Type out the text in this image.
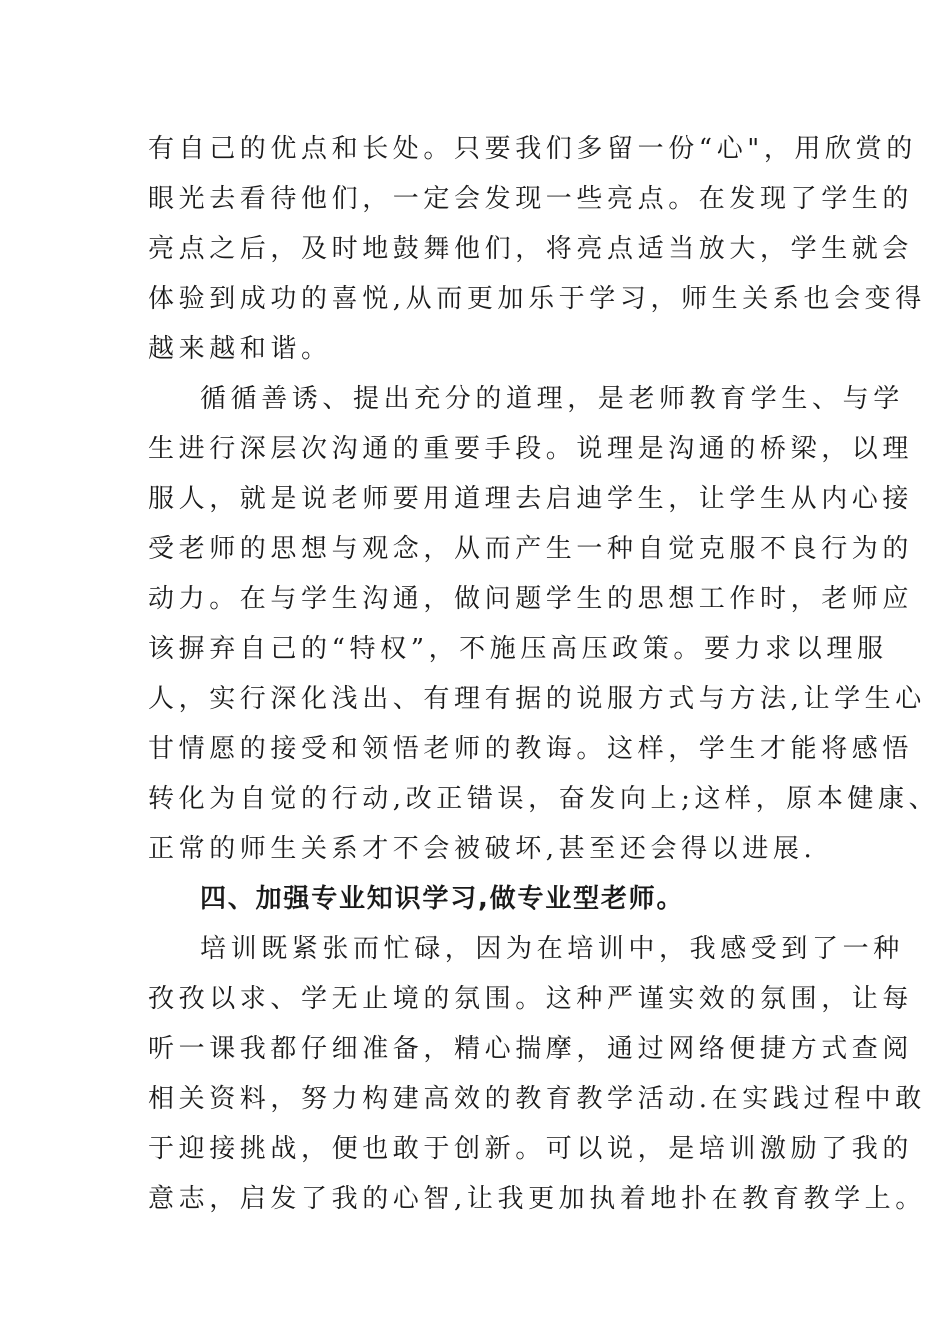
有自己的优点和长处。只要我们多留一份“心"，用欣赏的
眼光去看待他们，一定会发现一些亮点。在发现了学生的
亮点之后，及时地鼓舞他们，将亮点适当放大，学生就会
体验到成功的喜悦,从而更加乐于学习，师生关系也会变得
越来越和谐。
循循善诱、提出充分的道理，是老师教育学生、与学
生进行深层次沟通的重要手段。说理是沟通的桥梁，以理
服人，就是说老师要用道理去启迪学生，让学生从内心接
受老师的思想与观念，从而产生一种自觉克服不良行为的
动力。在与学生沟通，做问题学生的思想工作时，老师应
该摒弃自己的“特权”，不施压高压政策。要力求以理服
人，实行深化浅出、有理有据的说服方式与方法,让学生心
甘情愿的接受和领悟老师的教诲。这样，学生才能将感悟
转化为自觉的行动,改正错误，奋发向上;这样，原本健康、
正常的师生关系才不会被破坏,甚至还会得以进展.
四、加强专业知识学习,做专业型老师。
培训既紧张而忙碌，因为在培训中，我感受到了一种
孜孜以求、学无止境的氛围。这种严谨实效的氛围，让每
听一课我都仔细准备，精心揣摩，通过网络便捷方式查阅
相关资料，努力构建高效的教育教学活动.在实践过程中敢
于迎接挑战，便也敢于创新。可以说，是培训激励了我的
意志，启发了我的心智,让我更加执着地扑在教育教学上。
